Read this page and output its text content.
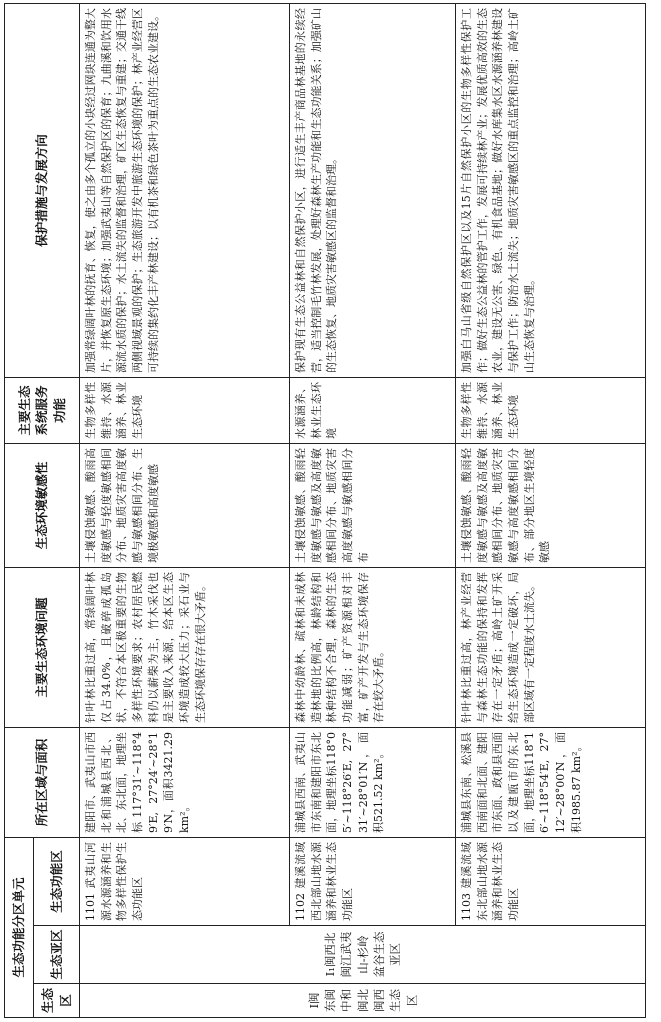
生态功能分区单元			所在区域与面积	主要生态环境问题	生态环境敏感性	主要生态系统服务功能	保护措施与发展方向
生态区	生态亚区	生态功能区					
Ⅰ闽东闽中和闽北闽西生态区	Ⅰ₁闽西北闽江武夷山-杉岭盆谷生态亚区	1101 武夷山河源水源涵养和生物多样性保护生态功能区	建阳市、武夷山市西北和浦城县西北、北、东北面，地理坐标117°31′~118°49′E, 27°24′~28°19′N，面积3421.29 km²。	针叶林比重过高，常绿阔叶林仅占34.0%，且破碎成孤岛状，不符合本区极重要的生物多样性环境要求；农村居民燃料仍以薪柴为主，竹木采伐也是主要收入来源，给本区生态环境造成较大压力；采石业与生态环境保存存在很大矛盾。	土壤侵蚀敏感、酸雨高度敏感与轻度敏感相间分布、地质灾害高度敏感与敏感相间分布、生境极敏感和高度敏感	生物多样性维持、水源涵养、林业生态环境	加强常绿阔叶林的抚育、恢复，使之由多个孤立的小块经过网块连通为整大片，并恢复原生态环境；加强武夷山等自然保护区的保育；九曲溪和饮用水源流水质的保护；水土流失的监督和治理，矿区生态恢复与重建；交通干线两侧视域景观的保护；生态旅游开发中旅游生态环境的保护；林产业经营区可持续的集约化丰产林建设；以有机茶和绿色茶叶为重点的生态农业建设。
		1102 建溪流域西北部山地水源涵养和林业生态功能区	浦城县西南、武夷山市东南和建阳市东北面，地理坐标118°05′~118°26′E, 27°31′~28°01′N，面积521.52 km²。	森林中幼龄林、疏林和未成林造林地的比例高，林龄结构和林种结构不合理，森林的生态功能减弱；矿产资源相对丰富，矿产开发与生态环境保存存在较大矛盾。	土壤侵蚀敏感、酸雨轻度敏感与敏感及高度敏感相间分布、地质灾害高度敏感与敏感相间分布	水源涵养、林业生态环境	保护现有生态公益林和自然保护小区，进行适生丰产商品林基地的永续经营，适当控制毛竹林发展，处理好森林生产功能和生态功能关系；加强矿山的生态恢复、地质灾害敏感区的监督和治理。
		1103 建溪流域东北部山地水源涵养和林业生态功能区	浦城县东南、松溪县西南面和北面、建阳市东面、政和县西面以及建瓯市的东北面，地理坐标118°16′~118°54′E, 27°12′~28°00′N，面积1985.87 km²。	针叶林比重过高，林产业经营与森林生态功能的保持和发挥存在一定矛盾；高岭土矿开采给生态环境造成一定破坏，局部区域有一定程度水土流失。	土壤侵蚀敏感、酸雨轻度敏感与敏感及高度敏感相间分布、地质灾害敏感与高度敏感相间分布、部分地区生境轻度敏感	生物多样性维持、水源涵养、林业生态环境	加强白马山省级自然保护区以及15片自然保护小区的生物多样性保护工作；做好生态公益林的管护工作，发展可持续林产业；发展优质高效的生态农业，建设无公害、绿色、有机食品基地；做好水库集水区水源涵养林建设与保护工作；防治水土流失；地质灾害敏感区的重点监控和治理；高岭土矿山生态恢复与治理。
